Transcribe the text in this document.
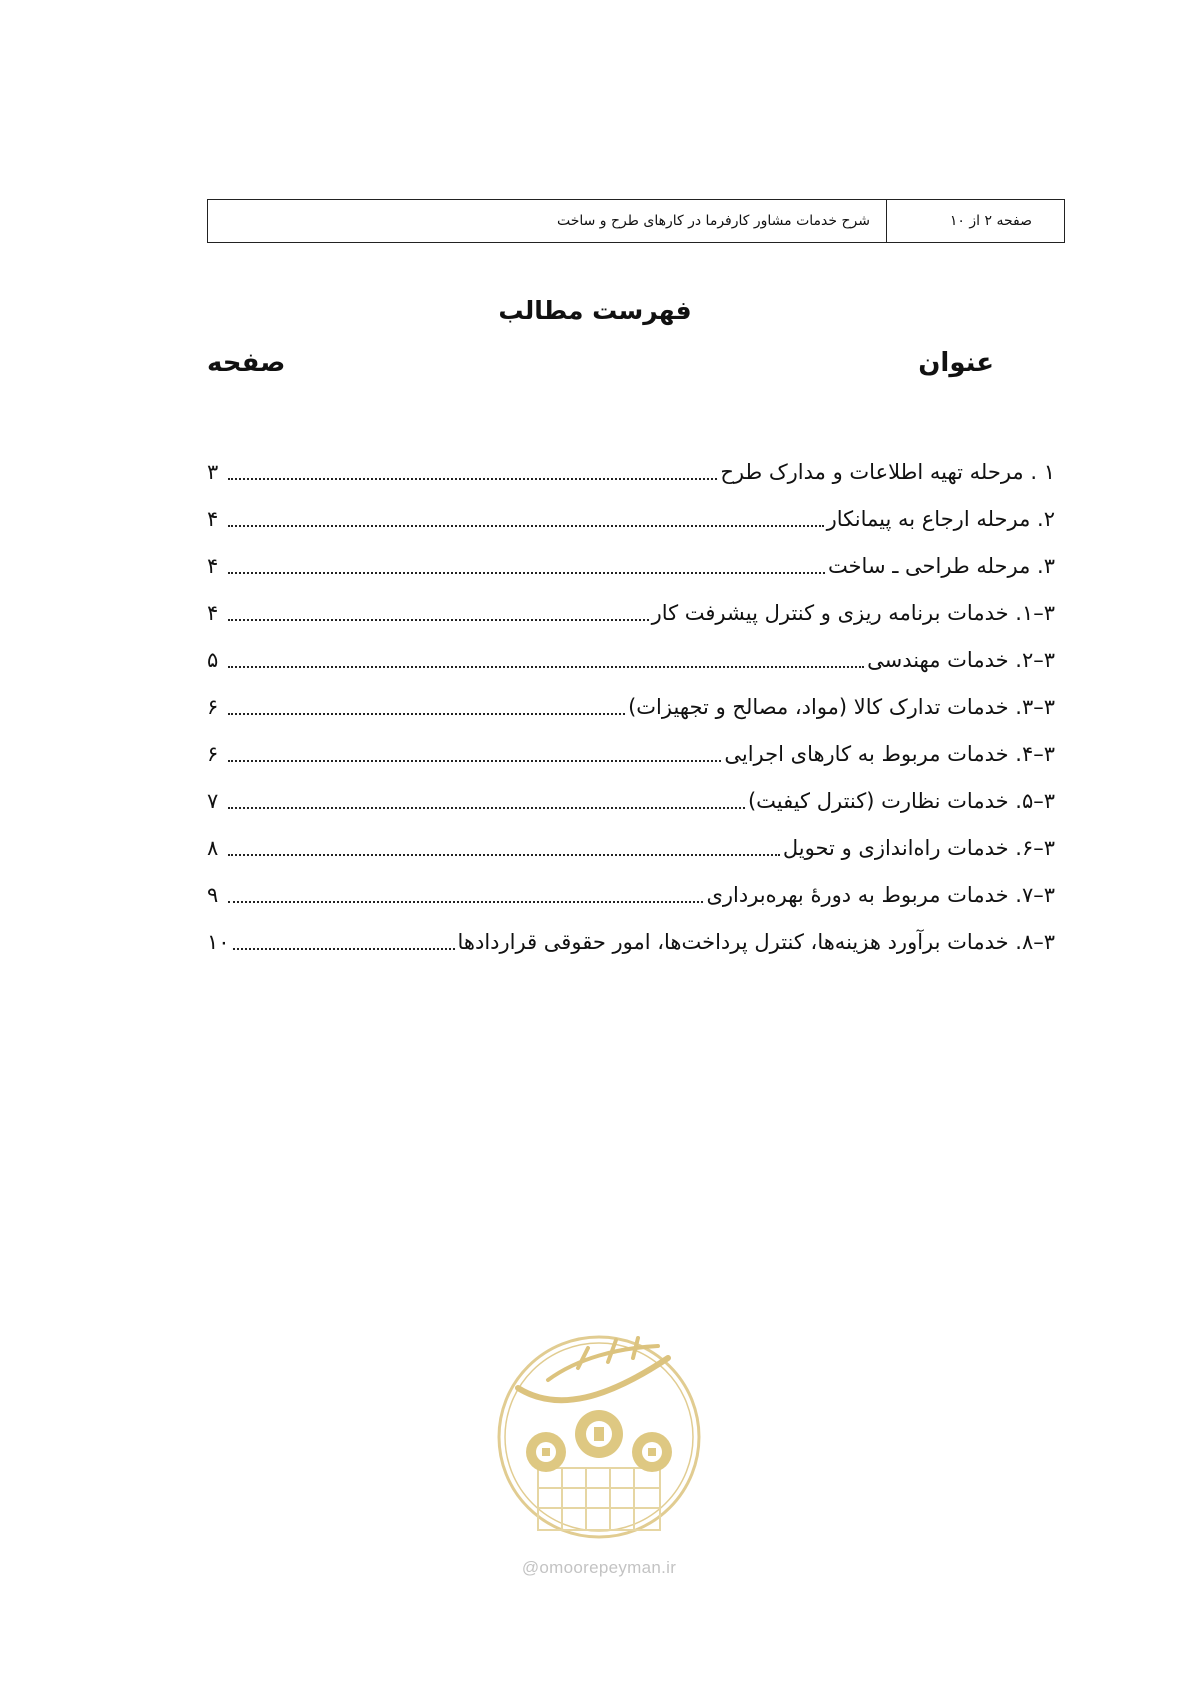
صفحه ۲ از ۱۰
شرح خدمات مشاور کارفرما در کارهای طرح و ساخت
فهرست مطالب
عنوان
صفحه
۱ . مرحله تهیه اطلاعات و مدارک طرح
۳
۲. مرحله ارجاع به پیمانکار
۴
۳. مرحله طراحی ـ ساخت
۴
۳–۱. خدمات برنامه ریزی و کنترل پیشرفت کار
۴
۳–۲. خدمات مهندسی
۵
۳–۳. خدمات تدارک کالا (مواد، مصالح و تجهیزات)
۶
۳–۴. خدمات مربوط به کارهای اجرایی
۶
۳–۵. خدمات نظارت (کنترل کیفیت)
۷
۳–۶. خدمات راه‌اندازی و تحویل
۸
۳–۷. خدمات مربوط به دورهٔ بهره‌برداری
۹
۳–۸. خدمات برآورد هزینه‌ها، کنترل پرداخت‌ها، امور حقوقی قراردادها
۱۰
@omoorepeyman.ir
